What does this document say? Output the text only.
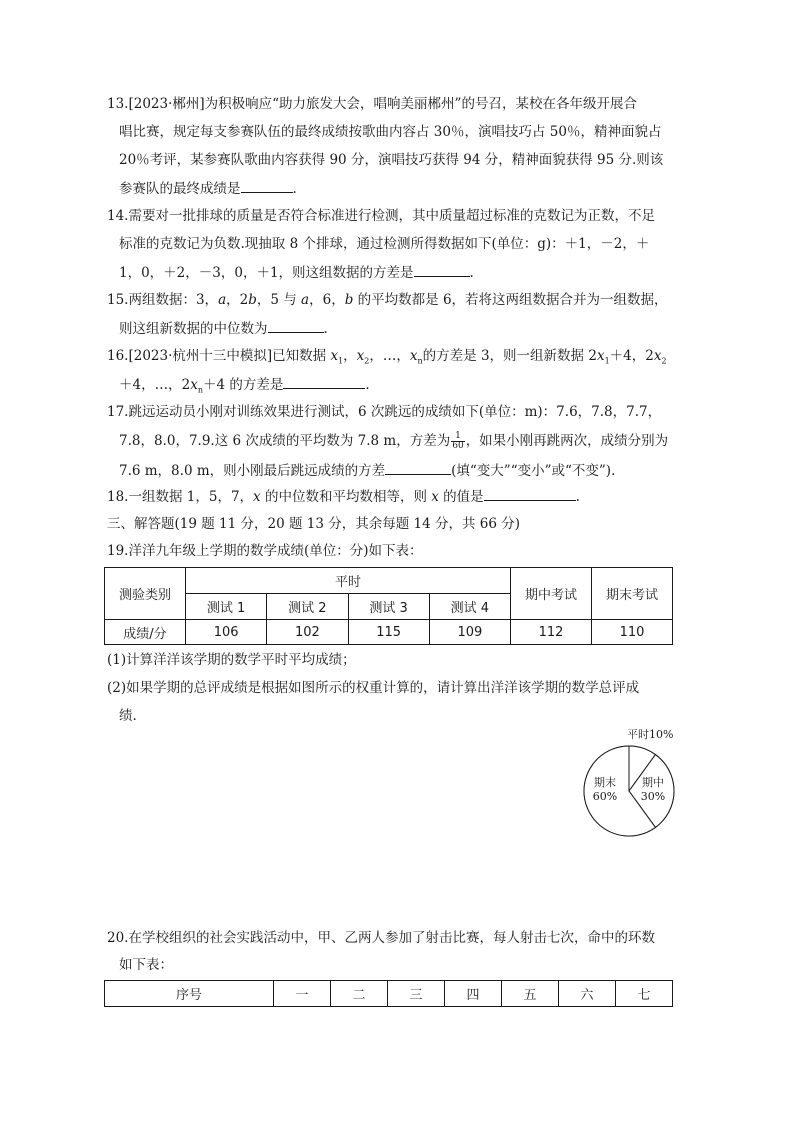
13.[2023·郴州]为积极响应“助力旅发大会，唱响美丽郴州”的号召，某校在各年级开展合
唱比赛，规定每支参赛队伍的最终成绩按歌曲内容占 30％，演唱技巧占 50％，精神面貌占
20％考评，某参赛队歌曲内容获得 90 分，演唱技巧获得 94 分，精神面貌获得 95 分.则该
参赛队的最终成绩是	.
14.需要对一批排球的质量是否符合标准进行检测，其中质量超过标准的克数记为正数，不足
标准的克数记为负数.现抽取 8 个排球，通过检测所得数据如下(单位：g)：＋1，－2，＋
1，0，＋2，－3，0，＋1，则这组数据的方差是	.
15.两组数据：3，a，2b，5 与 a，6，b 的平均数都是 6，若将这两组数据合并为一组数据，
则这组新数据的中位数为	.
16.[2023·杭州十三中模拟]已知数据 $x_1$，$x_2$，…，$x_n$的方差是 3，则一组新数据 $2x_1+4$，$2x_2$
＋4，…，$2x_n+4$ 的方差是	.
17.跳远运动员小刚对训练效果进行测试，6 次跳远的成绩如下(单位：m)：7.6，7.8，7.7，
7.8，8.0，7.9.这 6 次成绩的平均数为 7.8 m，方差为 $\frac{1}{60}$ ，如果小刚再跳两次，成绩分别为
7.6 m，8.0 m，则小刚最后跳远成绩的方差	(填“变大”“变小”或“不变”).
18.一组数据 1，5，7，x 的中位数和平均数相等，则 x 的值是	.
三、解答题(19 题 11 分，20 题 13 分，其余每题 14 分，共 66 分)
19.洋洋九年级上学期的数学成绩(单位：分)如下表：
测验类别	平时				期中考试	期末考试
	测试 1	测试 2	测试 3	测试 4		
成绩/分	106	102	115	109	112	110
(1)计算洋洋该学期的数学平时平均成绩；
(2)如果学期的总评成绩是根据如图所示的权重计算的，请计算出洋洋该学期的数学总评成
绩.
平时10%
期中
30%
期末
60%
20.在学校组织的社会实践活动中，甲、乙两人参加了射击比赛，每人射击七次，命中的环数
如下表：
序号	一	二	三	四	五	六	七
